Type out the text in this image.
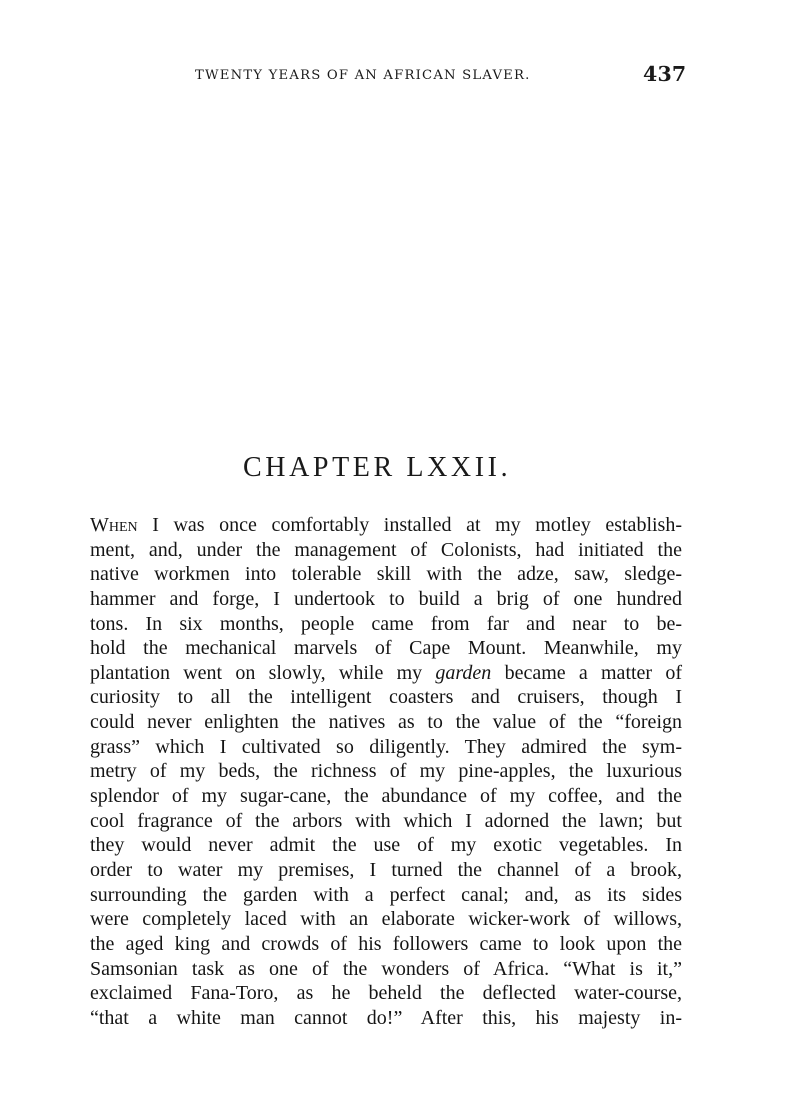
TWENTY YEARS OF AN AFRICAN SLAVER.	437
CHAPTER LXXII.
When I was once comfortably installed at my motley establish-
ment, and, under the management of Colonists, had initiated the
native workmen into tolerable skill with the adze, saw, sledge-
hammer and forge, I undertook to build a brig of one hundred
tons. In six months, people came from far and near to be-
hold the mechanical marvels of Cape Mount. Meanwhile, my
plantation went on slowly, while my garden became a matter of
curiosity to all the intelligent coasters and cruisers, though I
could never enlighten the natives as to the value of the “foreign
grass” which I cultivated so diligently. They admired the sym-
metry of my beds, the richness of my pine-apples, the luxurious
splendor of my sugar-cane, the abundance of my coffee, and the
cool fragrance of the arbors with which I adorned the lawn; but
they would never admit the use of my exotic vegetables. In
order to water my premises, I turned the channel of a brook,
surrounding the garden with a perfect canal; and, as its sides
were completely laced with an elaborate wicker-work of willows,
the aged king and crowds of his followers came to look upon the
Samsonian task as one of the wonders of Africa. “What is it,”
exclaimed Fana-Toro, as he beheld the deflected water-course,
“that a white man cannot do!” After this, his majesty in-
